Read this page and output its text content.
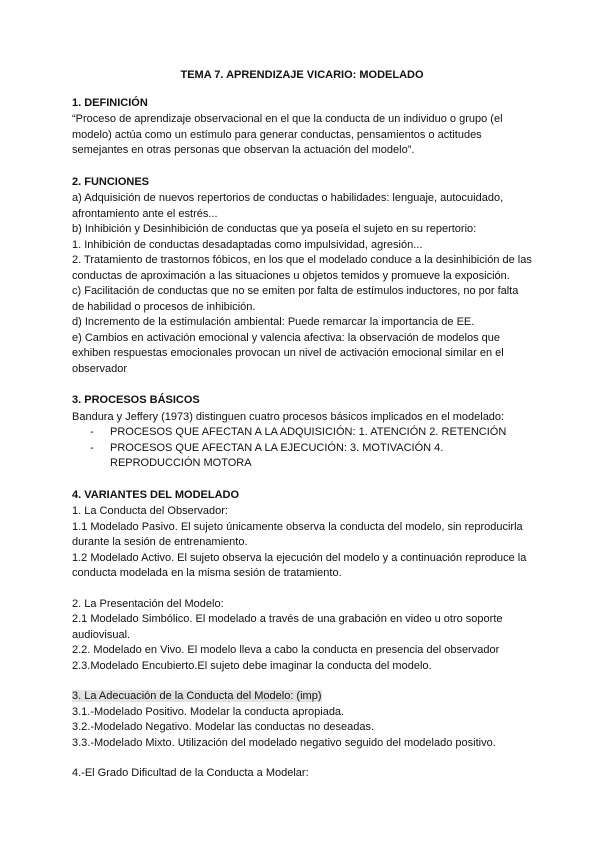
TEMA 7. APRENDIZAJE VICARIO: MODELADO
1. DEFINICIÓN

“Proceso de aprendizaje observacional en el que la conducta de un individuo o grupo (el modelo) actúa como un estímulo para generar conductas, pensamientos o actitudes semejantes en otras personas que observan la actuación del modelo”.

2. FUNCIONES

a) Adquisición de nuevos repertorios de conductas o habilidades: lenguaje, autocuidado, afrontamiento ante el estrés...

b) Inhibición y Desinhibición de conductas que ya poseía el sujeto en su repertorio:

1. Inhibición de conductas desadaptadas como impulsividad, agresión...

2. Tratamiento de trastornos fóbicos, en los que el modelado conduce a la desinhibición de las conductas de aproximación a las situaciones u objetos temidos y promueve la exposición.

c) Facilitación de conductas que no se emiten por falta de estímulos inductores, no por falta de habilidad o procesos de inhibición.

d) Incremento de la estimulación ambiental: Puede remarcar la importancia de EE.

e) Cambios en activación emocional y valencia afectiva: la observación de modelos que exhiben respuestas emocionales provocan un nivel de activación emocional similar en el observador

3. PROCESOS BÁSICOS

Bandura y Jeffery (1973) distinguen cuatro procesos básicos implicados en el modelado:

- PROCESOS QUE AFECTAN A LA ADQUISICIÓN: 1. ATENCIÓN 2. RETENCIÓN
- PROCESOS QUE AFECTAN A LA EJECUCIÓN: 3. MOTIVACIÓN 4. REPRODUCCIÓN MOTORA
4. VARIANTES DEL MODELADO

1. La Conducta del Observador:

1.1 Modelado Pasivo. El sujeto únicamente observa la conducta del modelo, sin reproducirla durante la sesión de entrenamiento.

1.2 Modelado Activo. El sujeto observa la ejecución del modelo y a continuación reproduce la conducta modelada en la misma sesión de tratamiento.

2. La Presentación del Modelo:

2.1 Modelado Simbólico. El modelado a través de una grabación en video u otro soporte audiovisual.

2.2. Modelado en Vivo. El modelo lleva a cabo la conducta en presencia del observador

2.3.Modelado Encubierto.El sujeto debe imaginar la conducta del modelo.

3. La Adecuación de la Conducta del Modelo: (imp)

3.1.-Modelado Positivo. Modelar la conducta apropiada.

3.2.-Modelado Negativo. Modelar las conductas no deseadas.

3.3.-Modelado Mixto. Utilización del modelado negativo seguido del modelado positivo.

4.-El Grado Dificultad de la Conducta a Modelar:
